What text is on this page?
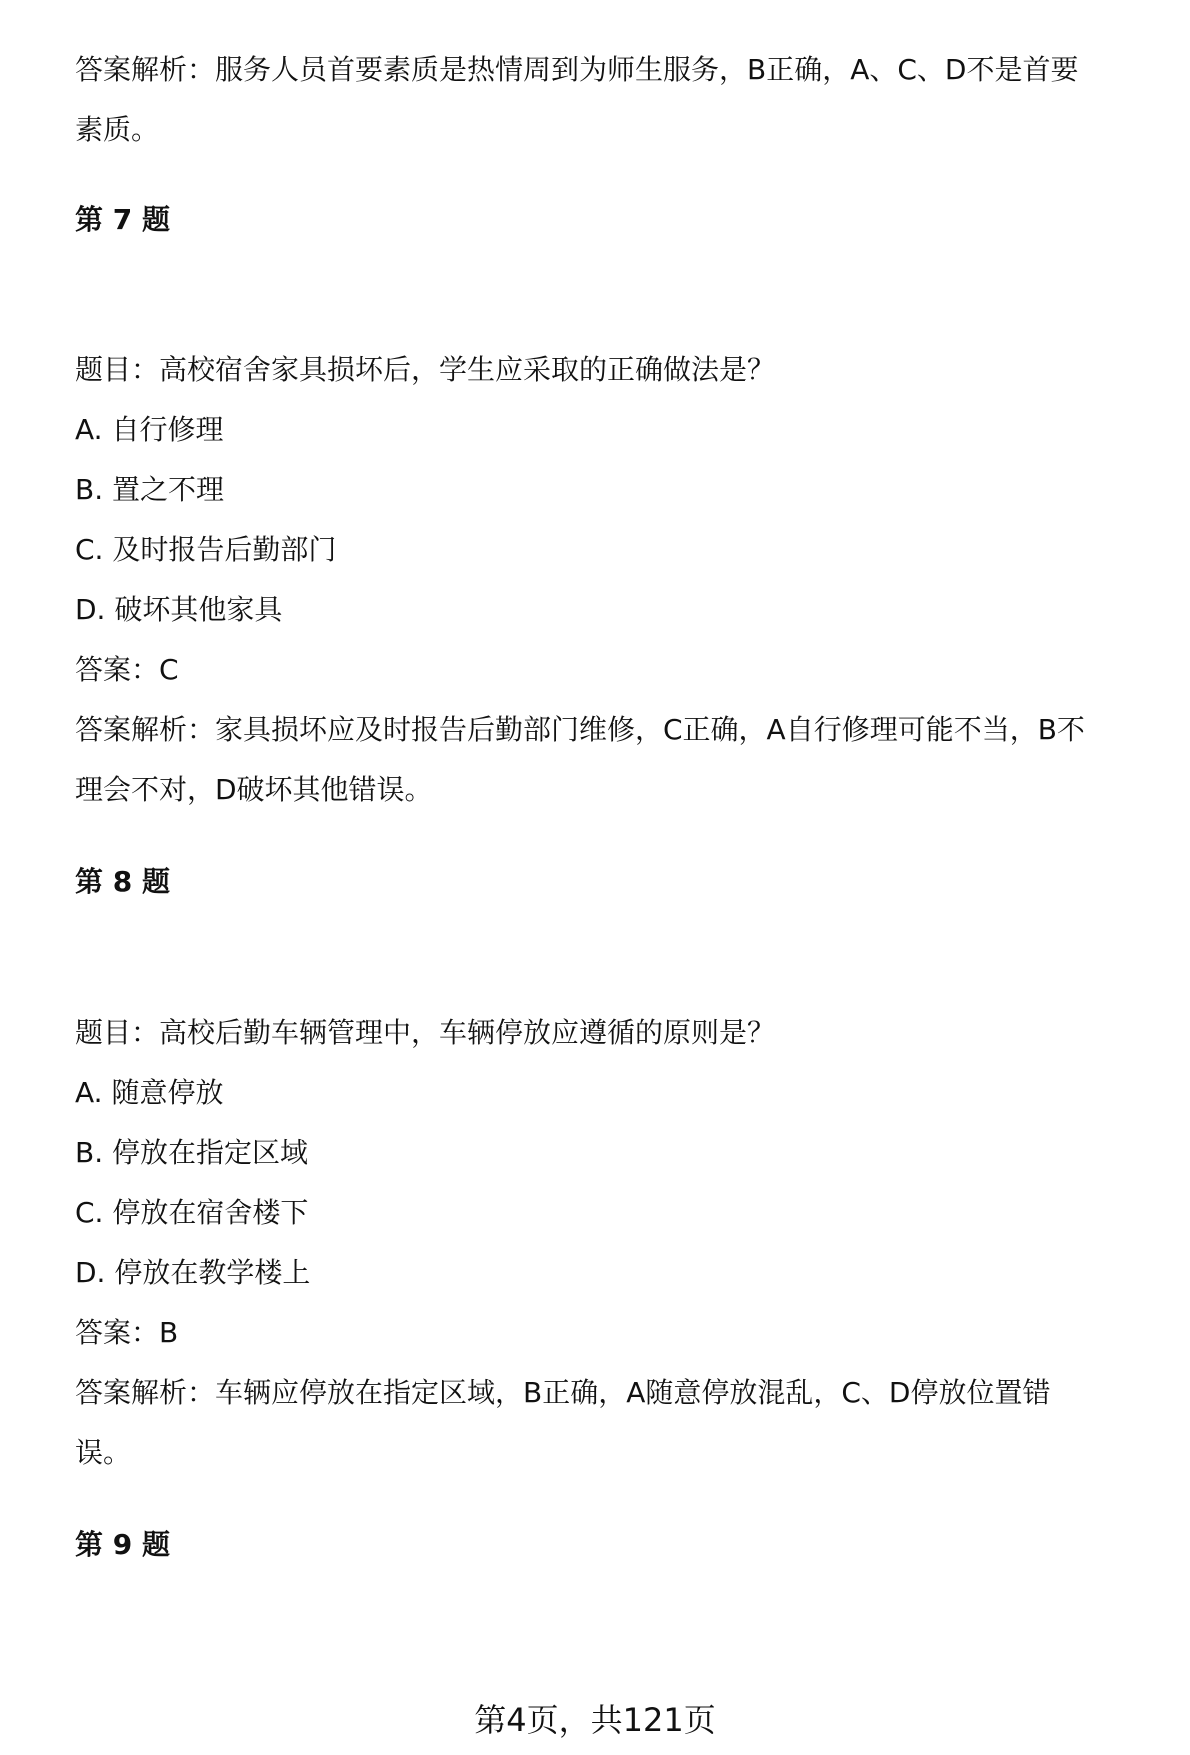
答案解析：服务人员首要素质是热情周到为师生服务，B正确，A、C、D不是首要
素质。
第 7 题
题目：高校宿舍家具损坏后，学生应采取的正确做法是？
A. 自行修理
B. 置之不理
C. 及时报告后勤部门
D. 破坏其他家具
答案：C
答案解析：家具损坏应及时报告后勤部门维修，C正确，A自行修理可能不当，B不
理会不对，D破坏其他错误。
第 8 题
题目：高校后勤车辆管理中，车辆停放应遵循的原则是？
A. 随意停放
B. 停放在指定区域
C. 停放在宿舍楼下
D. 停放在教学楼上
答案：B
答案解析：车辆应停放在指定区域，B正确，A随意停放混乱，C、D停放位置错
误。
第 9 题
第4页，共121页
